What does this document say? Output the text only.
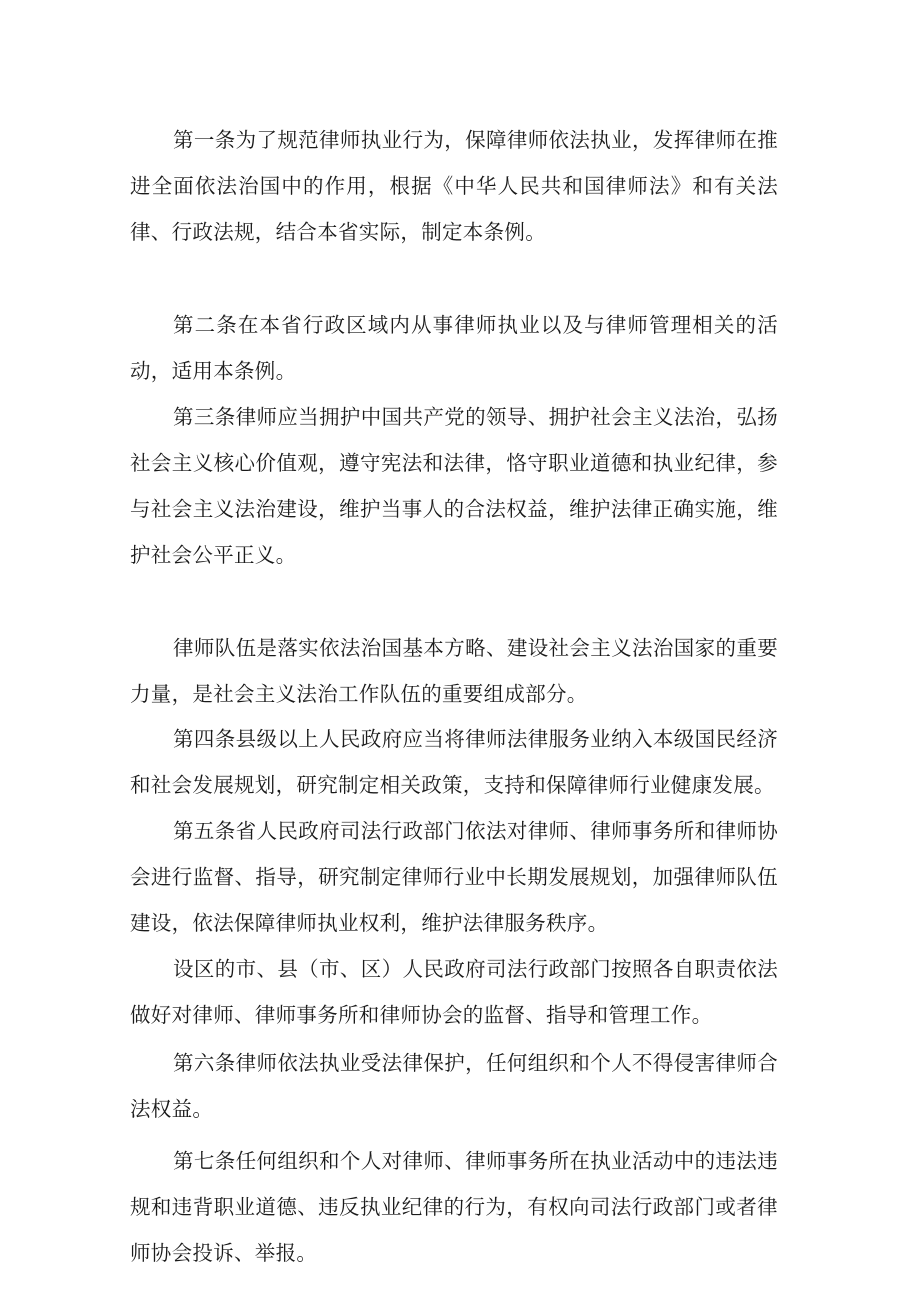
第一条为了规范律师执业行为，保障律师依法执业，发挥律师在推进全面依法治国中的作用，根据《中华人民共和国律师法》和有关法律、行政法规，结合本省实际，制定本条例。

第二条在本省行政区域内从事律师执业以及与律师管理相关的活动，适用本条例。

第三条律师应当拥护中国共产党的领导、拥护社会主义法治，弘扬社会主义核心价值观，遵守宪法和法律，恪守职业道德和执业纪律，参与社会主义法治建设，维护当事人的合法权益，维护法律正确实施，维护社会公平正义。

律师队伍是落实依法治国基本方略、建设社会主义法治国家的重要力量，是社会主义法治工作队伍的重要组成部分。

第四条县级以上人民政府应当将律师法律服务业纳入本级国民经济和社会发展规划，研究制定相关政策，支持和保障律师行业健康发展。

第五条省人民政府司法行政部门依法对律师、律师事务所和律师协会进行监督、指导，研究制定律师行业中长期发展规划，加强律师队伍建设，依法保障律师执业权利，维护法律服务秩序。

设区的市、县（市、区）人民政府司法行政部门按照各自职责依法做好对律师、律师事务所和律师协会的监督、指导和管理工作。

第六条律师依法执业受法律保护，任何组织和个人不得侵害律师合法权益。

第七条任何组织和个人对律师、律师事务所在执业活动中的违法违规和违背职业道德、违反执业纪律的行为，有权向司法行政部门或者律师协会投诉、举报。
